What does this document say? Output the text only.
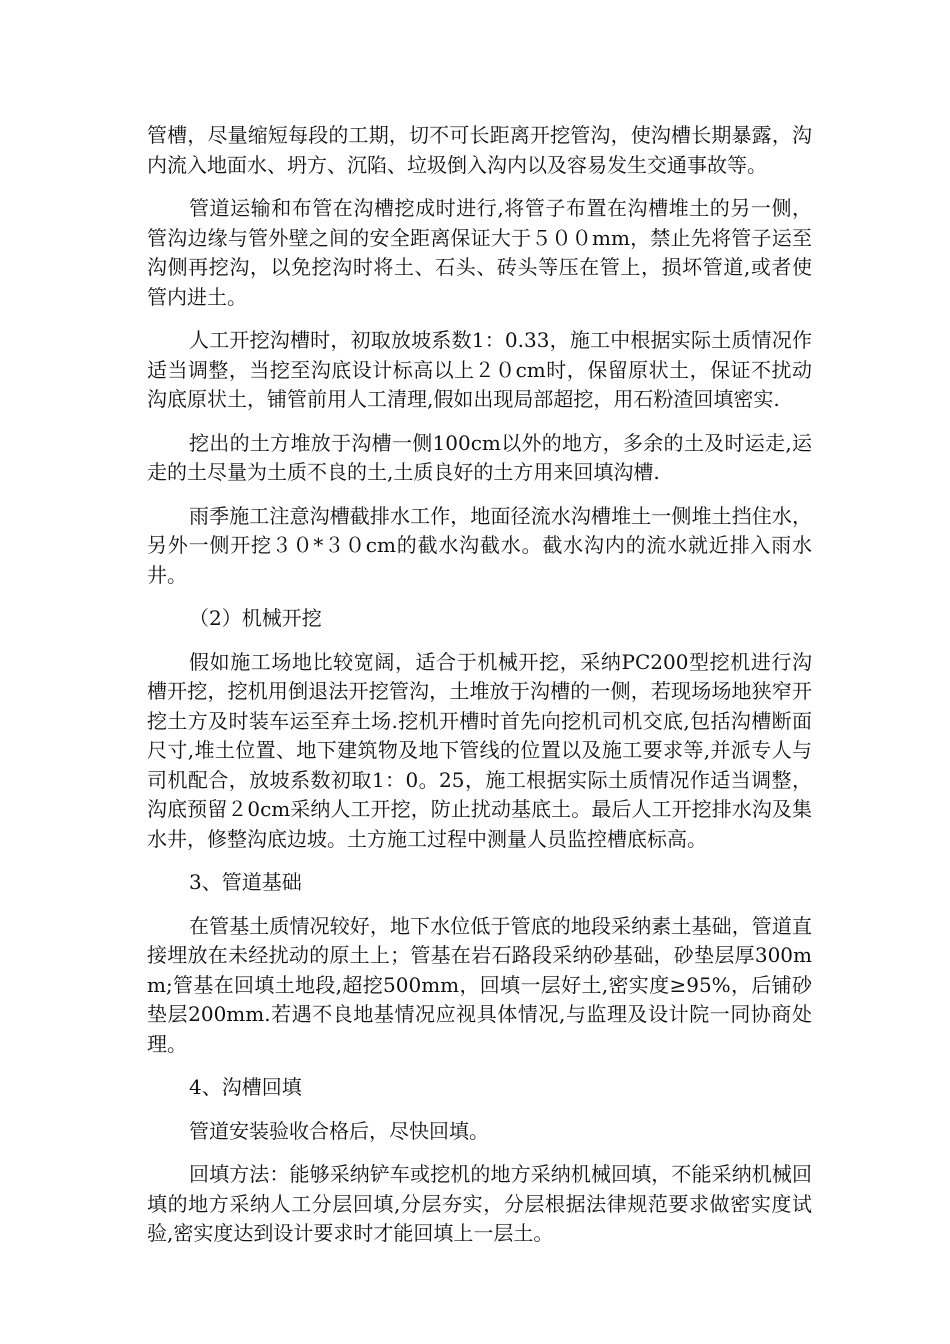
管槽，尽量缩短每段的工期，切不可长距离开挖管沟，使沟槽长期暴露，沟内流入地面水、坍方、沉陷、垃圾倒入沟内以及容易发生交通事故等。

管道运输和布管在沟槽挖成时进行,将管子布置在沟槽堆土的另一侧，管沟边缘与管外壁之间的安全距离保证大于５００mm，禁止先将管子运至沟侧再挖沟，以免挖沟时将土、石头、砖头等压在管上，损坏管道,或者使管内进土。

人工开挖沟槽时，初取放坡系数1：0.33，施工中根据实际土质情况作适当调整，当挖至沟底设计标高以上２０cm时，保留原状土，保证不扰动沟底原状土，铺管前用人工清理,假如出现局部超挖，用石粉渣回填密实.

挖出的土方堆放于沟槽一侧100cm以外的地方，多余的土及时运走,运走的土尽量为土质不良的土,土质良好的土方用来回填沟槽.

雨季施工注意沟槽截排水工作，地面径流水沟槽堆土一侧堆土挡住水，另外一侧开挖３０*３０cm的截水沟截水。截水沟内的流水就近排入雨水井。

（2）机械开挖

假如施工场地比较宽阔，适合于机械开挖，采纳PC200型挖机进行沟槽开挖，挖机用倒退法开挖管沟，土堆放于沟槽的一侧，若现场场地狭窄开挖土方及时装车运至弃土场.挖机开槽时首先向挖机司机交底,包括沟槽断面尺寸,堆土位置、地下建筑物及地下管线的位置以及施工要求等,并派专人与司机配合，放坡系数初取1：0。25，施工根据实际土质情况作适当调整，沟底预留２0cm采纳人工开挖，防止扰动基底土。最后人工开挖排水沟及集水井，修整沟底边坡。土方施工过程中测量人员监控槽底标高。

3、管道基础

在管基土质情况较好，地下水位低于管底的地段采纳素土基础，管道直接埋放在未经扰动的原土上；管基在岩石路段采纳砂基础，砂垫层厚300mm;管基在回填土地段,超挖500mm，回填一层好土,密实度≥95%，后铺砂垫层200mm.若遇不良地基情况应视具体情况,与监理及设计院一同协商处理。

4、沟槽回填

管道安装验收合格后，尽快回填。

回填方法：能够采纳铲车或挖机的地方采纳机械回填，不能采纳机械回填的地方采纳人工分层回填,分层夯实，分层根据法律规范要求做密实度试验,密实度达到设计要求时才能回填上一层土。
